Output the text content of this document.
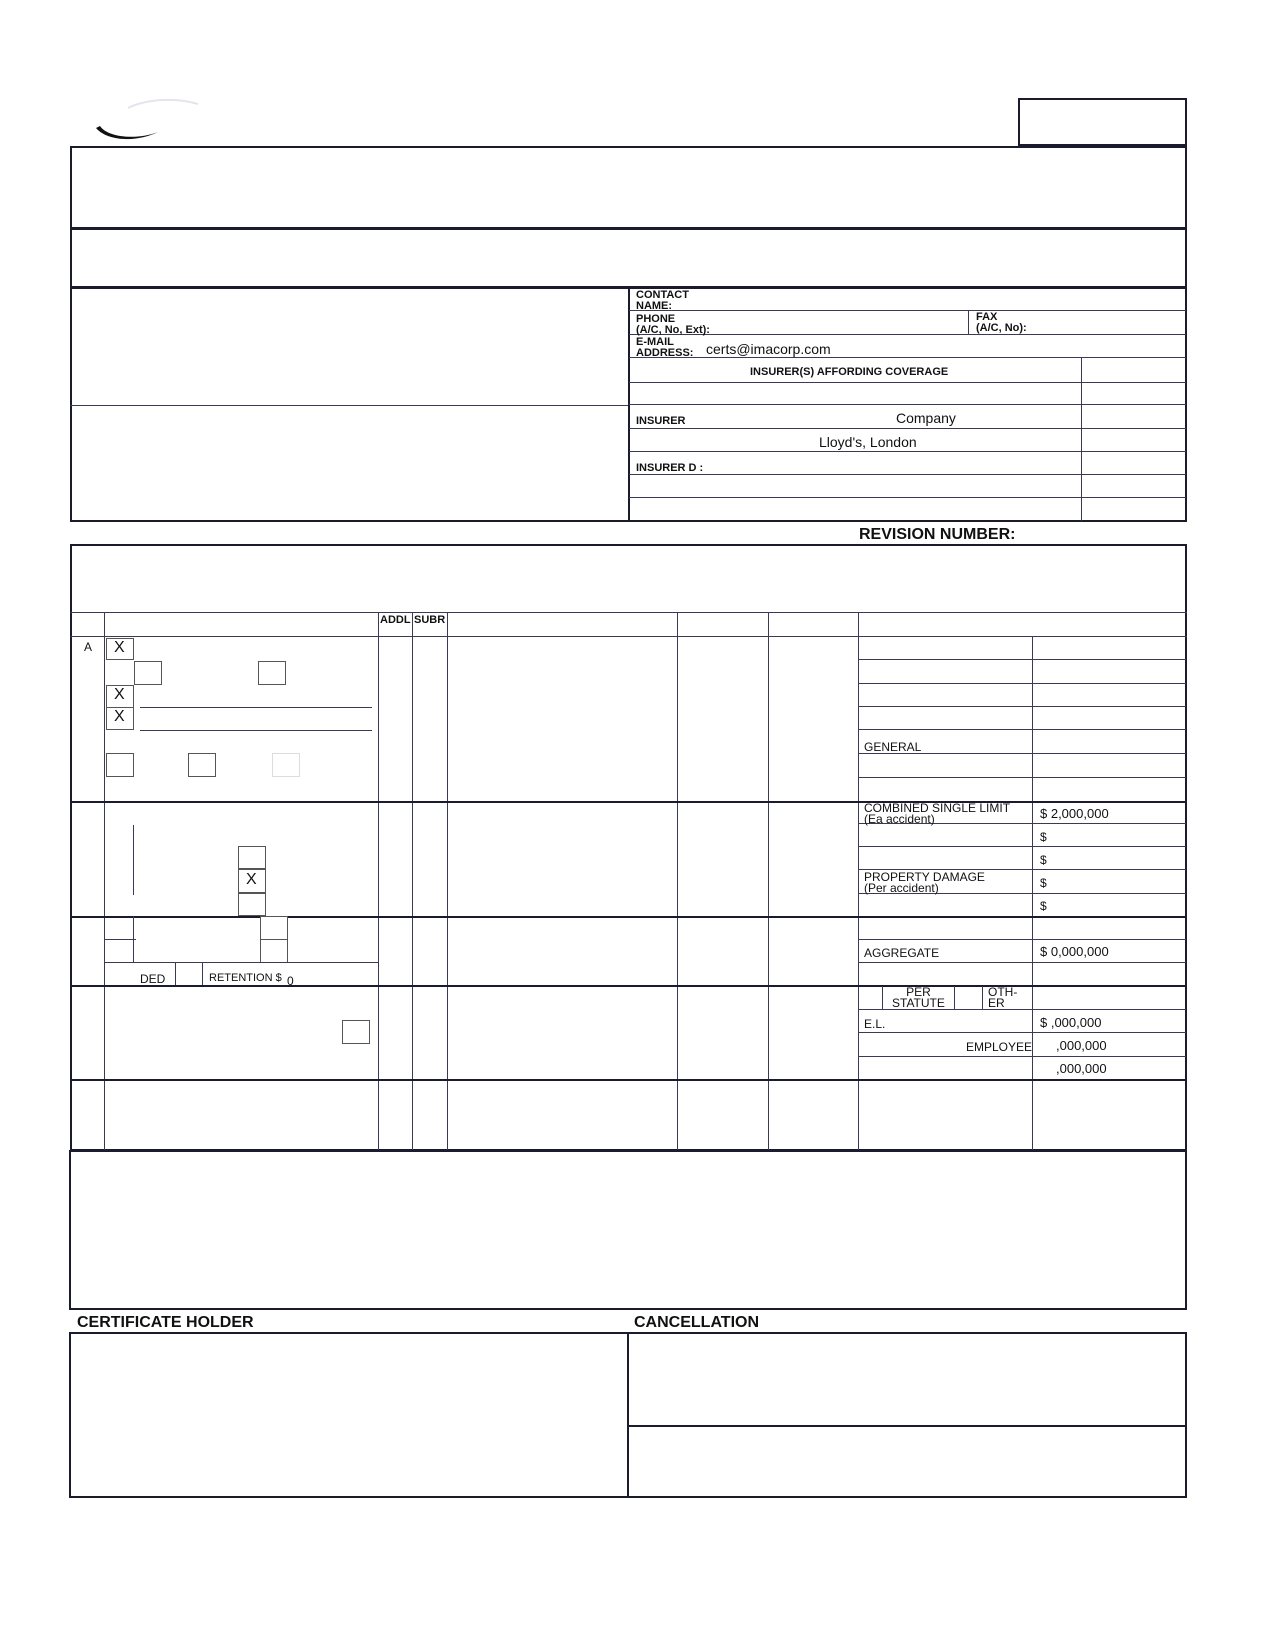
CONTACT
NAME:
PHONE
(A/C, No, Ext):
FAX
(A/C, No):
E-MAIL
ADDRESS: certs@imacorp.com
INSURER(S) AFFORDING COVERAGE
INSURER	Company
Lloyd's, London
INSURER D :
REVISION NUMBER:
ADDL SUBR
A X
X
X
GENERAL
COMBINED SINGLE LIMIT
(Ea accident)	$ 2,000,000
$
$
PROPERTY DAMAGE
(Per accident)	$
$
X
DED	RETENTION $ 0
AGGREGATE	$ 0,000,000
PER
STATUTE
OTH-
ER
E.L.	$ ,000,000
EMPLOYEE ,000,000
,000,000
CERTIFICATE HOLDER	CANCELLATION
